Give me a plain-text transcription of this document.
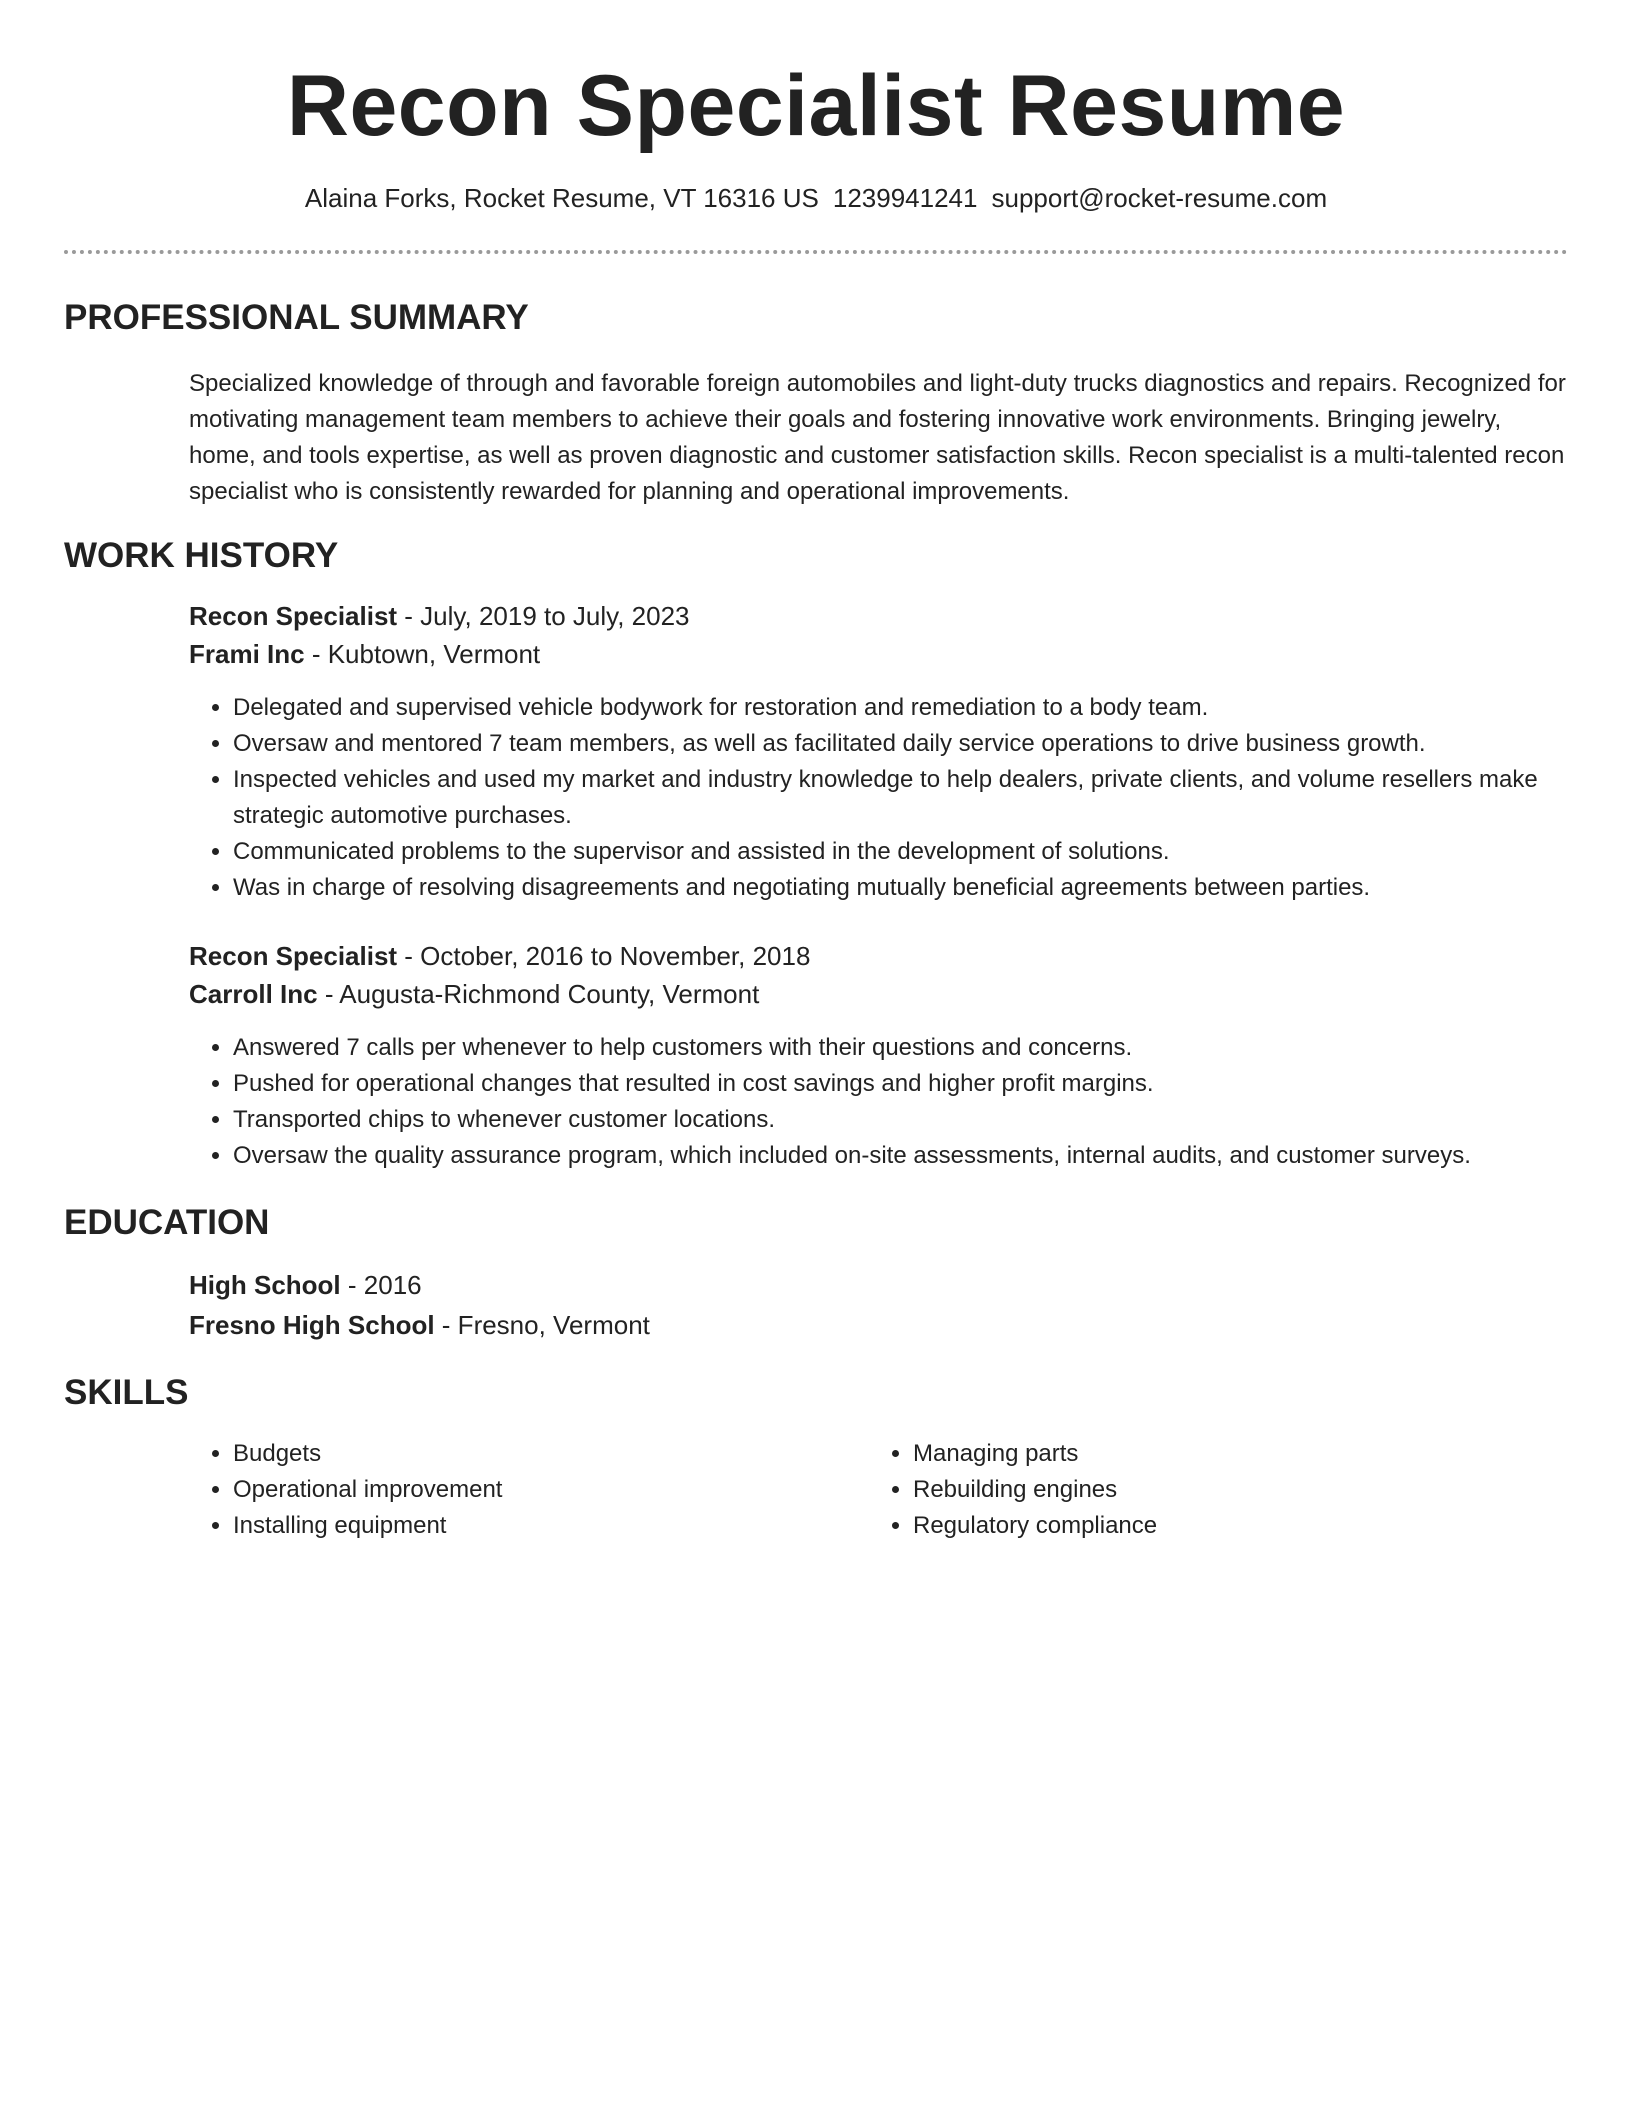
Recon Specialist Resume
Alaina Forks, Rocket Resume, VT 16316 US 1239941241 support@rocket-resume.com
PROFESSIONAL SUMMARY

Specialized knowledge of through and favorable foreign automobiles and light-duty trucks diagnostics and repairs. Recognized for motivating management team members to achieve their goals and fostering innovative work environments. Bringing jewelry, home, and tools expertise, as well as proven diagnostic and customer satisfaction skills. Recon specialist is a multi-talented recon specialist who is consistently rewarded for planning and operational improvements.

WORK HISTORY
Recon Specialist - July, 2019 to July, 2023
Frami Inc - Kubtown, Vermont
• Delegated and supervised vehicle bodywork for restoration and remediation to a body team.
• Oversaw and mentored 7 team members, as well as facilitated daily service operations to drive business growth.
• Inspected vehicles and used my market and industry knowledge to help dealers, private clients, and volume resellers make strategic automotive purchases.
• Communicated problems to the supervisor and assisted in the development of solutions.
• Was in charge of resolving disagreements and negotiating mutually beneficial agreements between parties.
Recon Specialist - October, 2016 to November, 2018
Carroll Inc - Augusta-Richmond County, Vermont
• Answered 7 calls per whenever to help customers with their questions and concerns.
• Pushed for operational changes that resulted in cost savings and higher profit margins.
• Transported chips to whenever customer locations.
• Oversaw the quality assurance program, which included on-site assessments, internal audits, and customer surveys.
EDUCATION
High School - 2016
Fresno High School - Fresno, Vermont
SKILLS
• Budgets
• Operational improvement
• Installing equipment
• Managing parts
• Rebuilding engines
• Regulatory compliance
